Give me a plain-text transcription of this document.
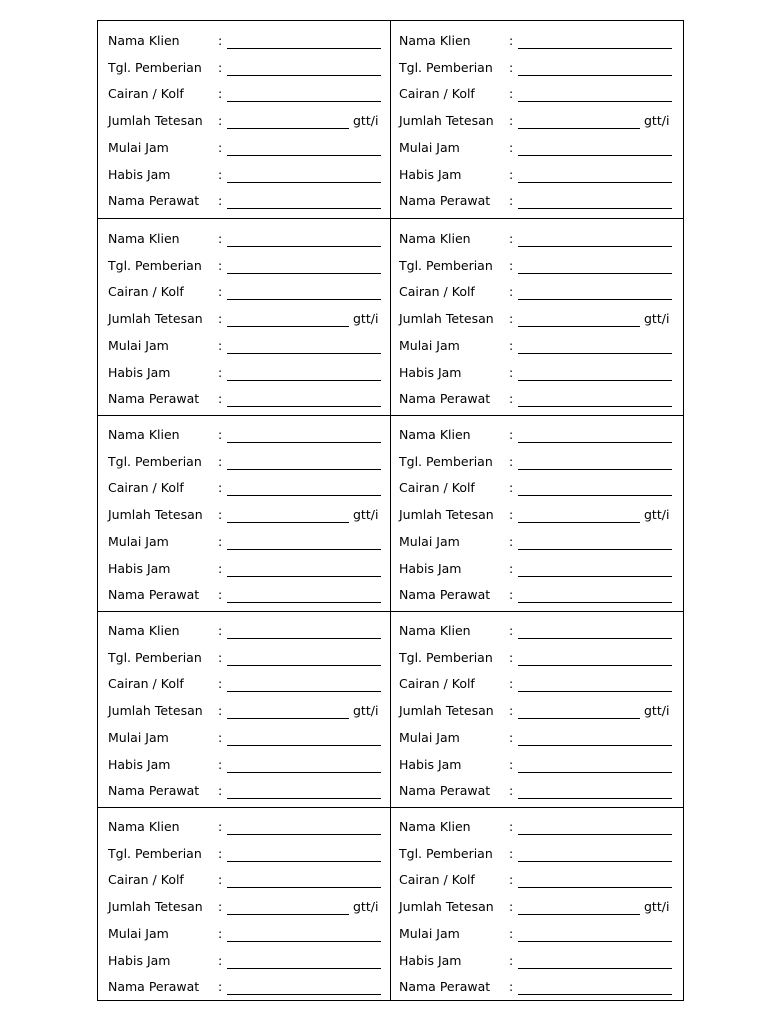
Nama Klien	:
Tgl. Pemberian :
Cairan / Kolf	:
Jumlah Tetesan :	gtt/i
Mulai Jam	:
Habis Jam	:
Nama Perawat :
Nama Klien	:
Tgl. Pemberian :
Cairan / Kolf	:
Jumlah Tetesan :	gtt/i
Mulai Jam	:
Habis Jam	:
Nama Perawat :
Nama Klien	:
Tgl. Pemberian :
Cairan / Kolf	:
Jumlah Tetesan :	gtt/i
Mulai Jam	:
Habis Jam	:
Nama Perawat :
Nama Klien	:
Tgl. Pemberian :
Cairan / Kolf	:
Jumlah Tetesan :	gtt/i
Mulai Jam	:
Habis Jam	:
Nama Perawat :
Nama Klien	:
Tgl. Pemberian :
Cairan / Kolf	:
Jumlah Tetesan :	gtt/i
Mulai Jam	:
Habis Jam	:
Nama Perawat :
Nama Klien	:
Tgl. Pemberian :
Cairan / Kolf	:
Jumlah Tetesan :	gtt/i
Mulai Jam	:
Habis Jam	:
Nama Perawat :
Nama Klien	:
Tgl. Pemberian :
Cairan / Kolf	:
Jumlah Tetesan :	gtt/i
Mulai Jam	:
Habis Jam	:
Nama Perawat :
Nama Klien	:
Tgl. Pemberian :
Cairan / Kolf	:
Jumlah Tetesan :	gtt/i
Mulai Jam	:
Habis Jam	:
Nama Perawat :
Nama Klien	:
Tgl. Pemberian :
Cairan / Kolf	:
Jumlah Tetesan :	gtt/i
Mulai Jam	:
Habis Jam	:
Nama Perawat :
Nama Klien	:
Tgl. Pemberian :
Cairan / Kolf	:
Jumlah Tetesan :	gtt/i
Mulai Jam	:
Habis Jam	:
Nama Perawat :
